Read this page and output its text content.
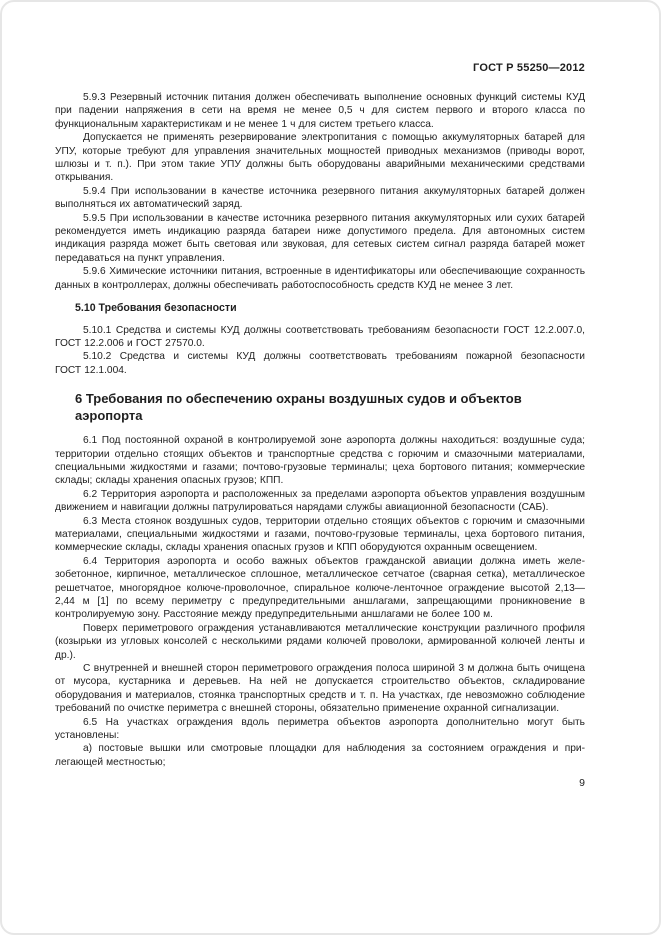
ГОСТ Р 55250—2012

5.9.3 Резервный источник питания должен обеспечивать выполнение основных функций системы КУД при падении напряжения в сети на время не менее 0,5 ч для систем первого и второго класса по функциональным характеристикам и не менее 1 ч для систем третьего класса.

Допускается не применять резервирование электропитания с помощью аккумуляторных батарей для УПУ, которые требуют для управления значительных мощностей приводных механизмов (приводы ворот, шлюзы и т. п.). При этом такие УПУ должны быть оборудованы аварийными механическими средствами открывания.

5.9.4 При использовании в качестве источника резервного питания аккумуляторных батарей должен выполняться их автоматический заряд.

5.9.5 При использовании в качестве источника резервного питания аккумуляторных или сухих батарей рекомендуется иметь индикацию разряда батареи ниже допустимого предела. Для автономных систем индикация разряда может быть световая или звуковая, для сетевых систем сигнал разряда батарей может передаваться на пункт управления.

5.9.6 Химические источники питания, встроенные в идентификаторы или обеспечивающие сохранность данных в контроллерах, должны обеспечивать работоспособность средств КУД не менее 3 лет.

5.10 Требования безопасности

5.10.1 Средства и системы КУД должны соответствовать требованиям безопасности ГОСТ 12.2.007.0, ГОСТ 12.2.006 и ГОСТ 27570.0.

5.10.2 Средства и системы КУД должны соответствовать требованиям пожарной безопасности ГОСТ 12.1.004.

6 Требования по обеспечению охраны воздушных судов и объектов аэропорта

6.1 Под постоянной охраной в контролируемой зоне аэропорта должны находиться: воздушные суда; территории отдельно стоящих объектов и транспортные средства с горючим и смазочными материалами, специальными жидкостями и газами; почтово-грузовые терминалы; цеха бортового питания; коммерческие склады; склады хранения опасных грузов; КПП.

6.2 Территория аэропорта и расположенных за пределами аэропорта объектов управления воздушным движением и навигации должны патрулироваться нарядами службы авиационной безопасности (САБ).

6.3 Места стоянок воздушных судов, территории отдельно стоящих объектов с горючим и смазочными материалами, специальными жидкостями и газами, почтово-грузовые терминалы, цеха бортового питания, коммерческие склады, склады хранения опасных грузов и КПП оборудуются охранным освещением.

6.4 Территория аэропорта и особо важных объектов гражданской авиации должна иметь железобетонное, кирпичное, металлическое сплошное, металлическое сетчатое (сварная сетка), металлическое решетчатое, многорядное колюче-проволочное, спиральное колюче-ленточное ограждение высотой 2,13—2,44 м [1] по всему периметру с предупредительными аншлагами, запрещающими проникновение в контролируемую зону. Расстояние между предупредительными аншлагами не более 100 м.

Поверх периметрового ограждения устанавливаются металлические конструкции различного профиля (козырьки из угловых консолей с несколькими рядами колючей проволоки, армированной колючей ленты и др.).

С внутренней и внешней сторон периметрового ограждения полоса шириной 3 м должна быть очищена от мусора, кустарника и деревьев. На ней не допускается строительство объектов, складирование оборудования и материалов, стоянка транспортных средств и т. п. На участках, где невозможно соблюдение требований по очистке периметра с внешней стороны, обязательно применение охранной сигнализации.

6.5 На участках ограждения вдоль периметра объектов аэропорта дополнительно могут быть установлены:

а) постовые вышки или смотровые площадки для наблюдения за состоянием ограждения и прилегающей местностью;

9
